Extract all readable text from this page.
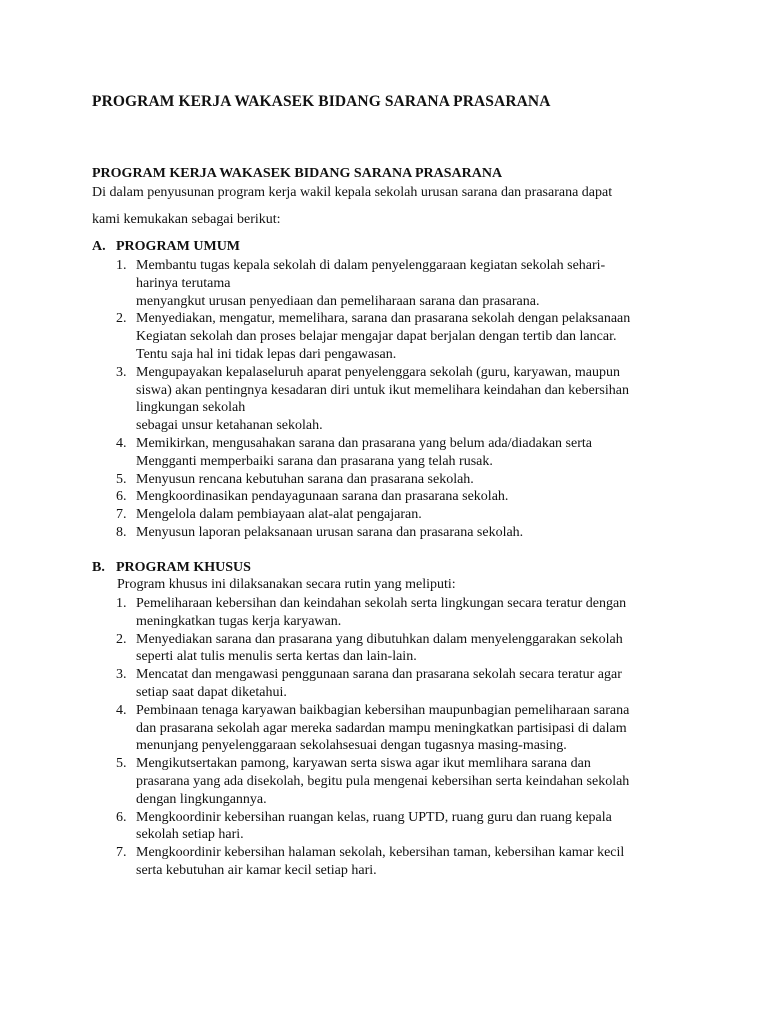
PROGRAM KERJA WAKASEK BIDANG SARANA PRASARANA
PROGRAM KERJA WAKASEK BIDANG SARANA PRASARANA

Di dalam penyusunan program kerja wakil kepala sekolah urusan sarana dan prasarana dapat

kami kemukakan sebagai berikut:

A. PROGRAM UMUM
1. Membantu tugas kepala sekolah di dalam penyelenggaraan kegiatan sekolah sehari-
harinya terutama
menyangkut urusan penyediaan dan pemeliharaan sarana dan prasarana.
2. Menyediakan, mengatur, memelihara, sarana dan prasarana sekolah dengan pelaksanaan
Kegiatan sekolah dan proses belajar mengajar dapat berjalan dengan tertib dan lancar.
Tentu saja hal ini tidak lepas dari pengawasan.
3. Mengupayakan kepalaseluruh aparat penyelenggara sekolah (guru, karyawan, maupun
siswa) akan pentingnya kesadaran diri untuk ikut memelihara keindahan dan kebersihan
lingkungan sekolah
sebagai unsur ketahanan sekolah.
4. Memikirkan, mengusahakan sarana dan prasarana yang belum ada/diadakan serta
Mengganti memperbaiki sarana dan prasarana yang telah rusak.
5. Menyusun rencana kebutuhan sarana dan prasarana sekolah.
6. Mengkoordinasikan pendayagunaan sarana dan prasarana sekolah.
7. Mengelola dalam pembiayaan alat-alat pengajaran.
8. Menyusun laporan pelaksanaan urusan sarana dan prasarana sekolah.
B. PROGRAM KHUSUS

Program khusus ini dilaksanakan secara rutin yang meliputi:

1. Pemeliharaan kebersihan dan keindahan sekolah serta lingkungan secara teratur dengan
meningkatkan tugas kerja karyawan.
2. Menyediakan sarana dan prasarana yang dibutuhkan dalam menyelenggarakan sekolah
seperti alat tulis menulis serta kertas dan lain-lain.
3. Mencatat dan mengawasi penggunaan sarana dan prasarana sekolah secara teratur agar
setiap saat dapat diketahui.
4. Pembinaan tenaga karyawan baikbagian kebersihan maupunbagian pemeliharaan sarana
dan prasarana sekolah agar mereka sadardan mampu meningkatkan partisipasi di dalam
menunjang penyelenggaraan sekolahsesuai dengan tugasnya masing-masing.
5. Mengikutsertakan pamong, karyawan serta siswa agar ikut memlihara sarana dan
prasarana yang ada disekolah, begitu pula mengenai kebersihan serta keindahan sekolah
dengan lingkungannya.
6. Mengkoordinir kebersihan ruangan kelas, ruang UPTD, ruang guru dan ruang kepala
sekolah setiap hari.
7. Mengkoordinir kebersihan halaman sekolah, kebersihan taman, kebersihan kamar kecil
serta kebutuhan air kamar kecil setiap hari.
